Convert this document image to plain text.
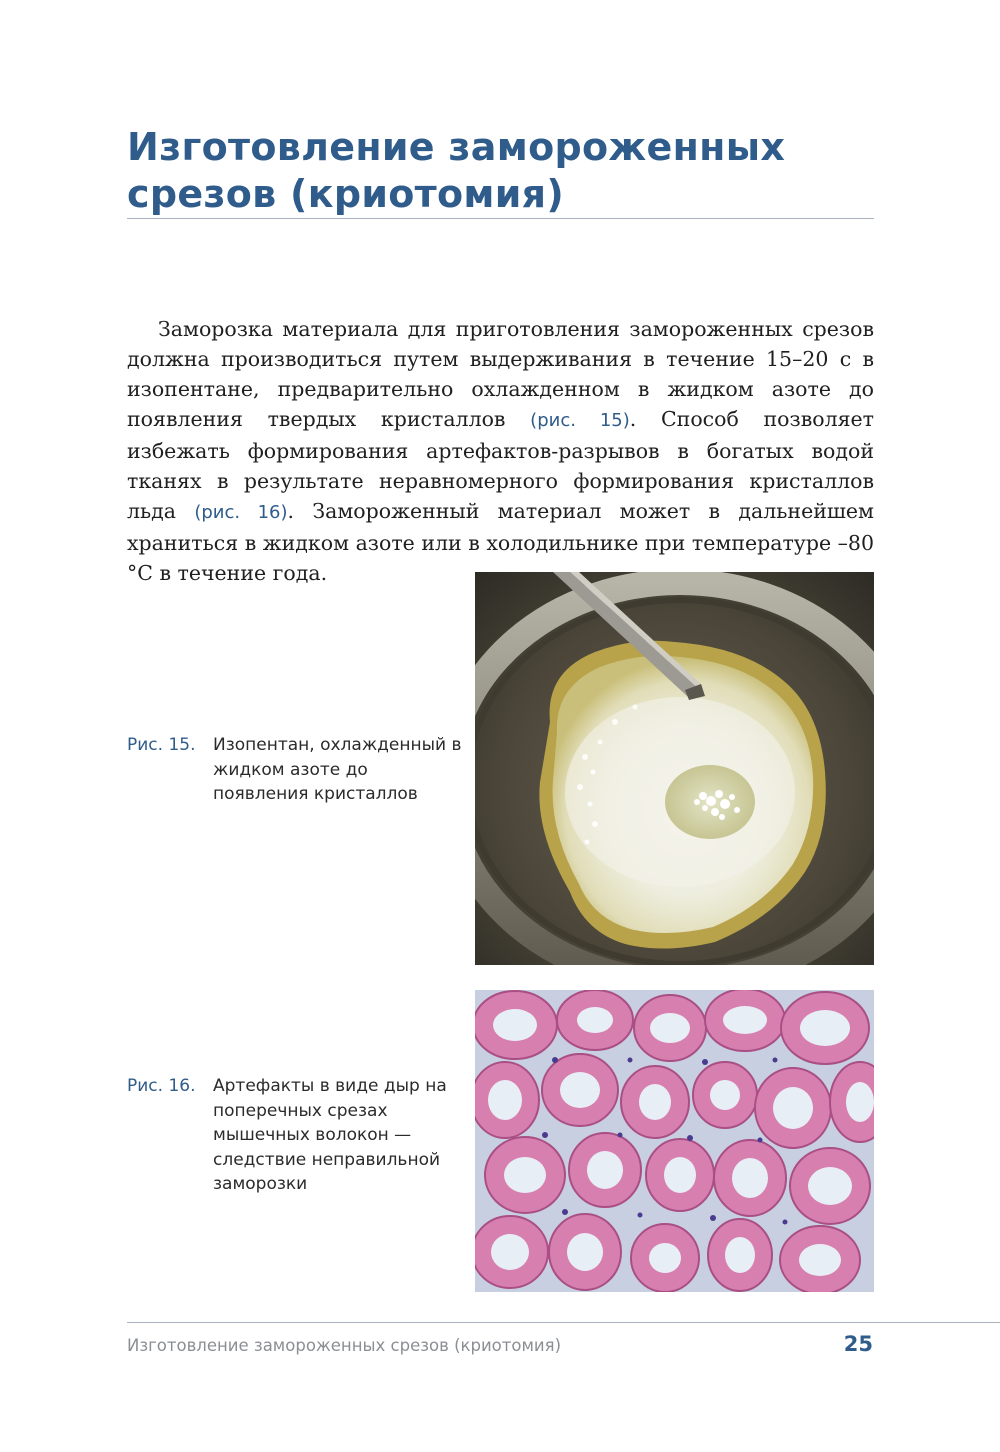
Изготовление замороженных срезов (криотомия)

Заморозка материала для приготовления замороженных срезов должна производиться путем выдерживания в течение 15–20 с в изопентане, предварительно охлажденном в жидком азоте до появления твердых кристаллов (рис. 15). Способ позволяет избежать формирования артефактов-разрывов в богатых водой тканях в результате неравномерного формирования кристаллов льда (рис. 16). Замороженный материал может в дальнейшем храниться в жидком азоте или в холодильнике при температуре –80 °С в течение года.

Рис. 15. Изопентан, охлажденный в жидком азоте до появления кристаллов
Рис. 16. Артефакты в виде дыр на поперечных срезах мышечных волокон — следствие неправильной заморозки
Изготовление замороженных срезов (криотомия)	25
